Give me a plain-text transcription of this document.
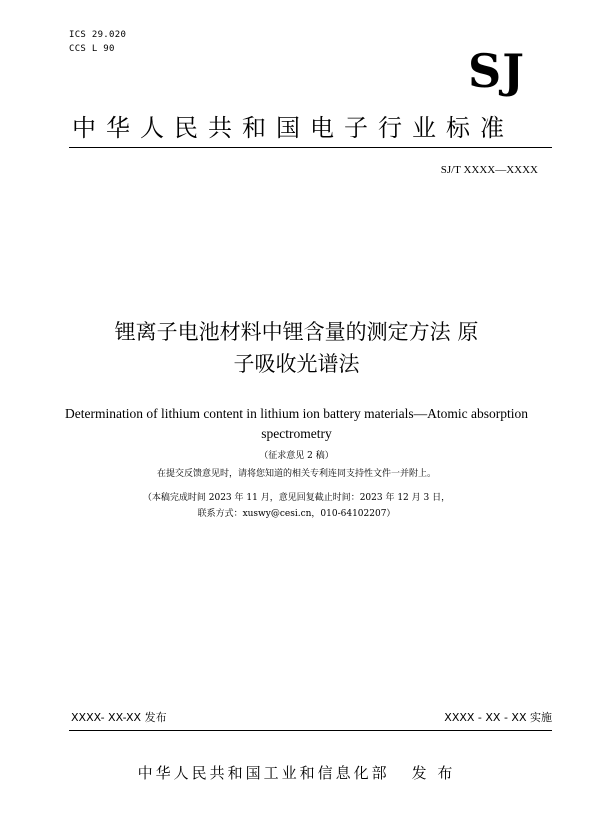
ICS 29.020
CCS L 90	SJ
中华人民共和国电子行业标准
SJ/T XXXX—XXXX
锂离子电池材料中锂含量的测定方法 原
子吸收光谱法
Determination of lithium content in lithium ion battery materials—Atomic absorption spectrometry
（征求意见 2 稿）
在提交反馈意见时，请将您知道的相关专利连同支持性文件一并附上。
（本稿完成时间 2023 年 11 月，意见回复截止时间：2023 年 12 月 3 日，
联系方式：xuswy@cesi.cn，010-64102207）
XXXX- XX-XX 发布	XXXX - XX - XX 实施
中华人民共和国工业和信息化部 发 布
